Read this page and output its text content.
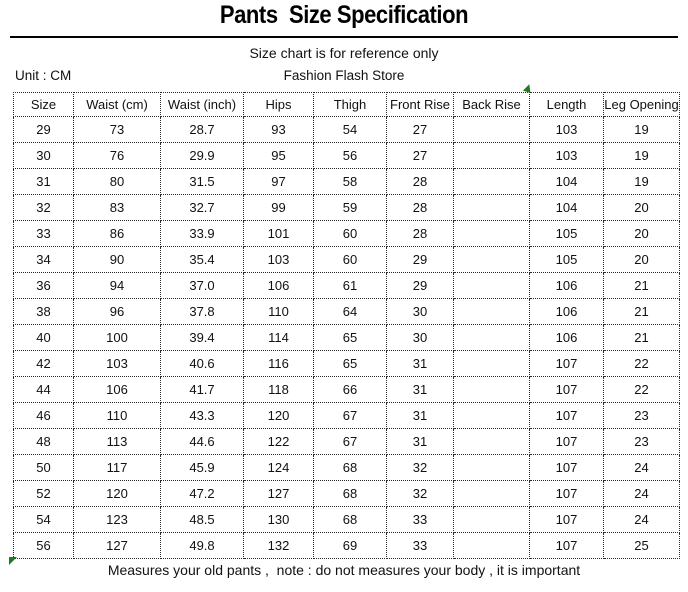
Pants  Size Specification
Size chart is for reference only
Unit : CM	Fashion Flash Store
Size	Waist (cm)	Waist (inch)	Hips	Thigh	Front Rise	Back Rise	Length	Leg Opening
29	73	28.7	93	54	27		103	19
30	76	29.9	95	56	27		103	19
31	80	31.5	97	58	28		104	19
32	83	32.7	99	59	28		104	20
33	86	33.9	101	60	28		105	20
34	90	35.4	103	60	29		105	20
36	94	37.0	106	61	29		106	21
38	96	37.8	110	64	30		106	21
40	100	39.4	114	65	30		106	21
42	103	40.6	116	65	31		107	22
44	106	41.7	118	66	31		107	22
46	110	43.3	120	67	31		107	23
48	113	44.6	122	67	31		107	23
50	117	45.9	124	68	32		107	24
52	120	47.2	127	68	32		107	24
54	123	48.5	130	68	33		107	24
56	127	49.8	132	69	33		107	25
Measures your old pants ,  note : do not measures your body , it is important
